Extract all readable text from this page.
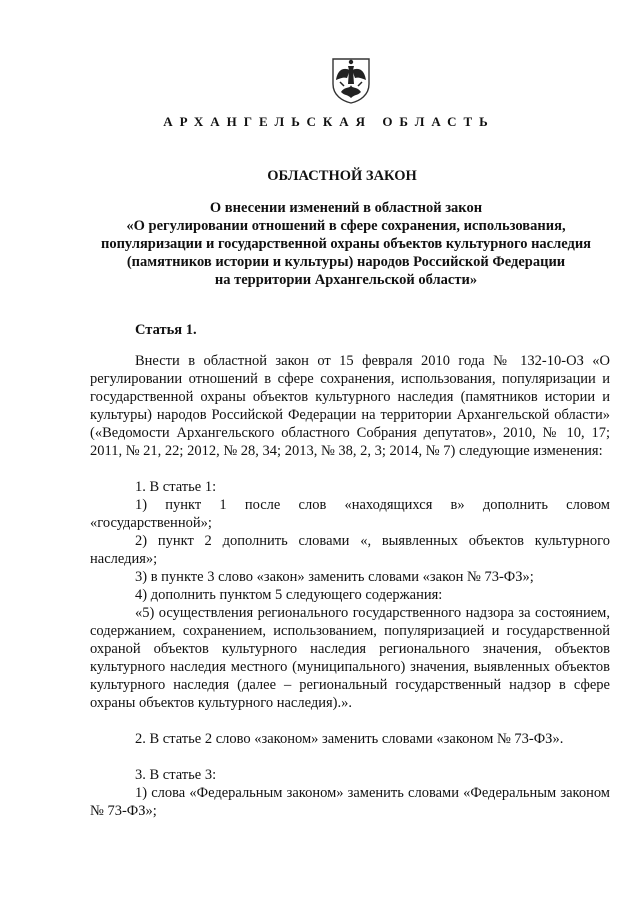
АРХАНГЕЛЬСКАЯ ОБЛАСТЬ
ОБЛАСТНОЙ ЗАКОН
О внесении изменений в областной закон
«О регулировании отношений в сфере сохранения, использования,
популяризации и государственной охраны объектов культурного наследия
(памятников истории и культуры) народов Российской Федерации
на территории Архангельской области»
Статья 1.

Внести в областной закон от 15 февраля 2010 года № 132-10-ОЗ «О регулировании отношений в сфере сохранения, использования, популяризации и государственной охраны объектов культурного наследия (памятников истории и культуры) народов Российской Федерации на территории Архангельской области» («Ведомости Архангельского областного Собрания депутатов», 2010, № 10, 17; 2011, № 21, 22; 2012, № 28, 34; 2013, № 38, 2, 3; 2014, № 7) следующие изменения:

1. В статье 1:

1) пункт 1 после слов «находящихся в» дополнить словом «государственной»;

2) пункт 2 дополнить словами «, выявленных объектов культурного наследия»;

3) в пункте 3 слово «закон» заменить словами «закон № 73-ФЗ»;

4) дополнить пунктом 5 следующего содержания:

«5) осуществления регионального государственного надзора за состоянием, содержанием, сохранением, использованием, популяризацией и государственной охраной объектов культурного наследия регионального значения, объектов культурного наследия местного (муниципального) значения, выявленных объектов культурного наследия (далее – региональный государственный надзор в сфере охраны объектов культурного наследия).».

2. В статье 2 слово «законом» заменить словами «законом № 73-ФЗ».

3. В статье 3:

1) слова «Федеральным законом» заменить словами «Федеральным законом № 73-ФЗ»;
